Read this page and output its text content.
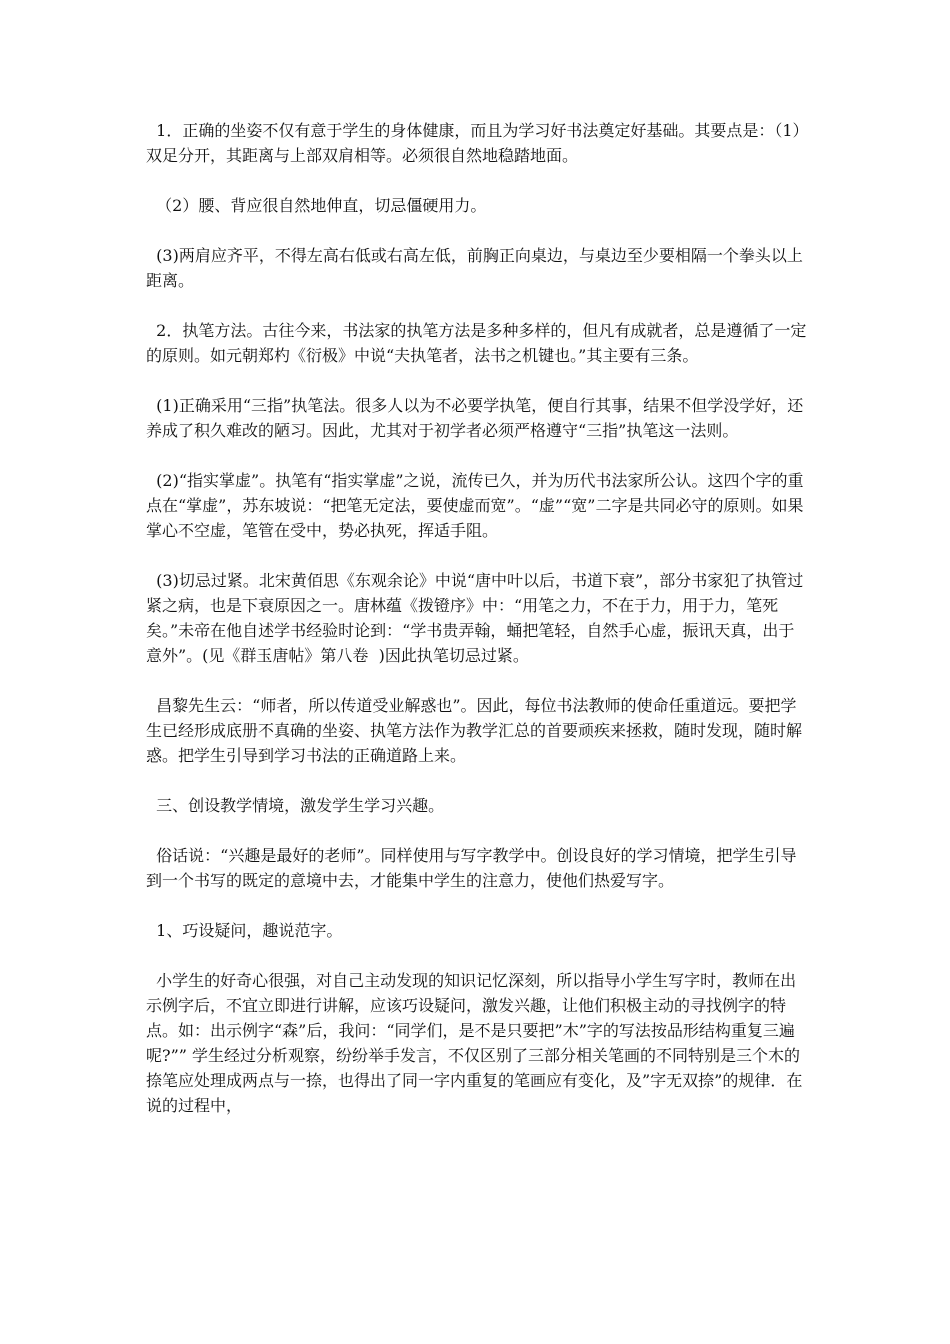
1．正确的坐姿不仅有意于学生的身体健康，而且为学习好书法奠定好基础。其要点是：（1）双足分开，其距离与上部双肩相等。必须很自然地稳踏地面。

（2）腰、背应很自然地伸直，切忌僵硬用力。

(3)两肩应齐平，不得左高右低或右高左低，前胸正向桌边，与桌边至少要相隔一个拳头以上距离。

2．执笔方法。古往今来，书法家的执笔方法是多种多样的，但凡有成就者，总是遵循了一定的原则。如元朝郑杓《衍极》中说“夫执笔者，法书之机键也。”其主要有三条。

(1)正确采用“三指”执笔法。很多人以为不必要学执笔，便自行其事，结果不但学没学好，还养成了积久难改的陋习。因此，尤其对于初学者必须严格遵守“三指”执笔这一法则。

(2)“指实掌虚”。执笔有“指实掌虚”之说，流传已久，并为历代书法家所公认。这四个字的重点在“掌虚”，苏东坡说：“把笔无定法，要使虚而宽”。“虚”“宽”二字是共同必守的原则。如果掌心不空虚，笔管在受中，势必执死，挥适手阻。

(3)切忌过紧。北宋黄佰思《东观余论》中说“唐中叶以后，书道下衰”，部分书家犯了执管过紧之病，也是下衰原因之一。唐林蕴《拨镫序》中：“用笔之力，不在于力，用于力，笔死矣。”未帝在他自述学书经验时论到：“学书贵弄翰，蛹把笔轻，自然手心虚，振讯天真，出于意外”。(见《群玉唐帖》第八卷  )因此执笔切忌过紧。

昌黎先生云：“师者，所以传道受业解惑也”。因此，每位书法教师的使命任重道远。要把学生已经形成底册不真确的坐姿、执笔方法作为教学汇总的首要顽疾来拯救，随时发现，随时解惑。把学生引导到学习书法的正确道路上来。

三、创设教学情境，激发学生学习兴趣。

俗话说：“兴趣是最好的老师”。同样使用与写字教学中。创设良好的学习情境，把学生引导到一个书写的既定的意境中去，才能集中学生的注意力，使他们热爱写字。

1、巧设疑问，趣说范字。

小学生的好奇心很强，对自己主动发现的知识记忆深刻，所以指导小学生写字时，教师在出示例字后，不宜立即进行讲解，应该巧设疑问，激发兴趣，让他们积极主动的寻找例字的特点。如：出示例字“森”后，我问：“同学们，是不是只要把”木”字的写法按品形结构重复三遍呢?”” 学生经过分析观察，纷纷举手发言，不仅区别了三部分相关笔画的不同特别是三个木的捺笔应处理成两点与一捺，也得出了同一字内重复的笔画应有变化，及”字无双捺”的规律．在说的过程中，
